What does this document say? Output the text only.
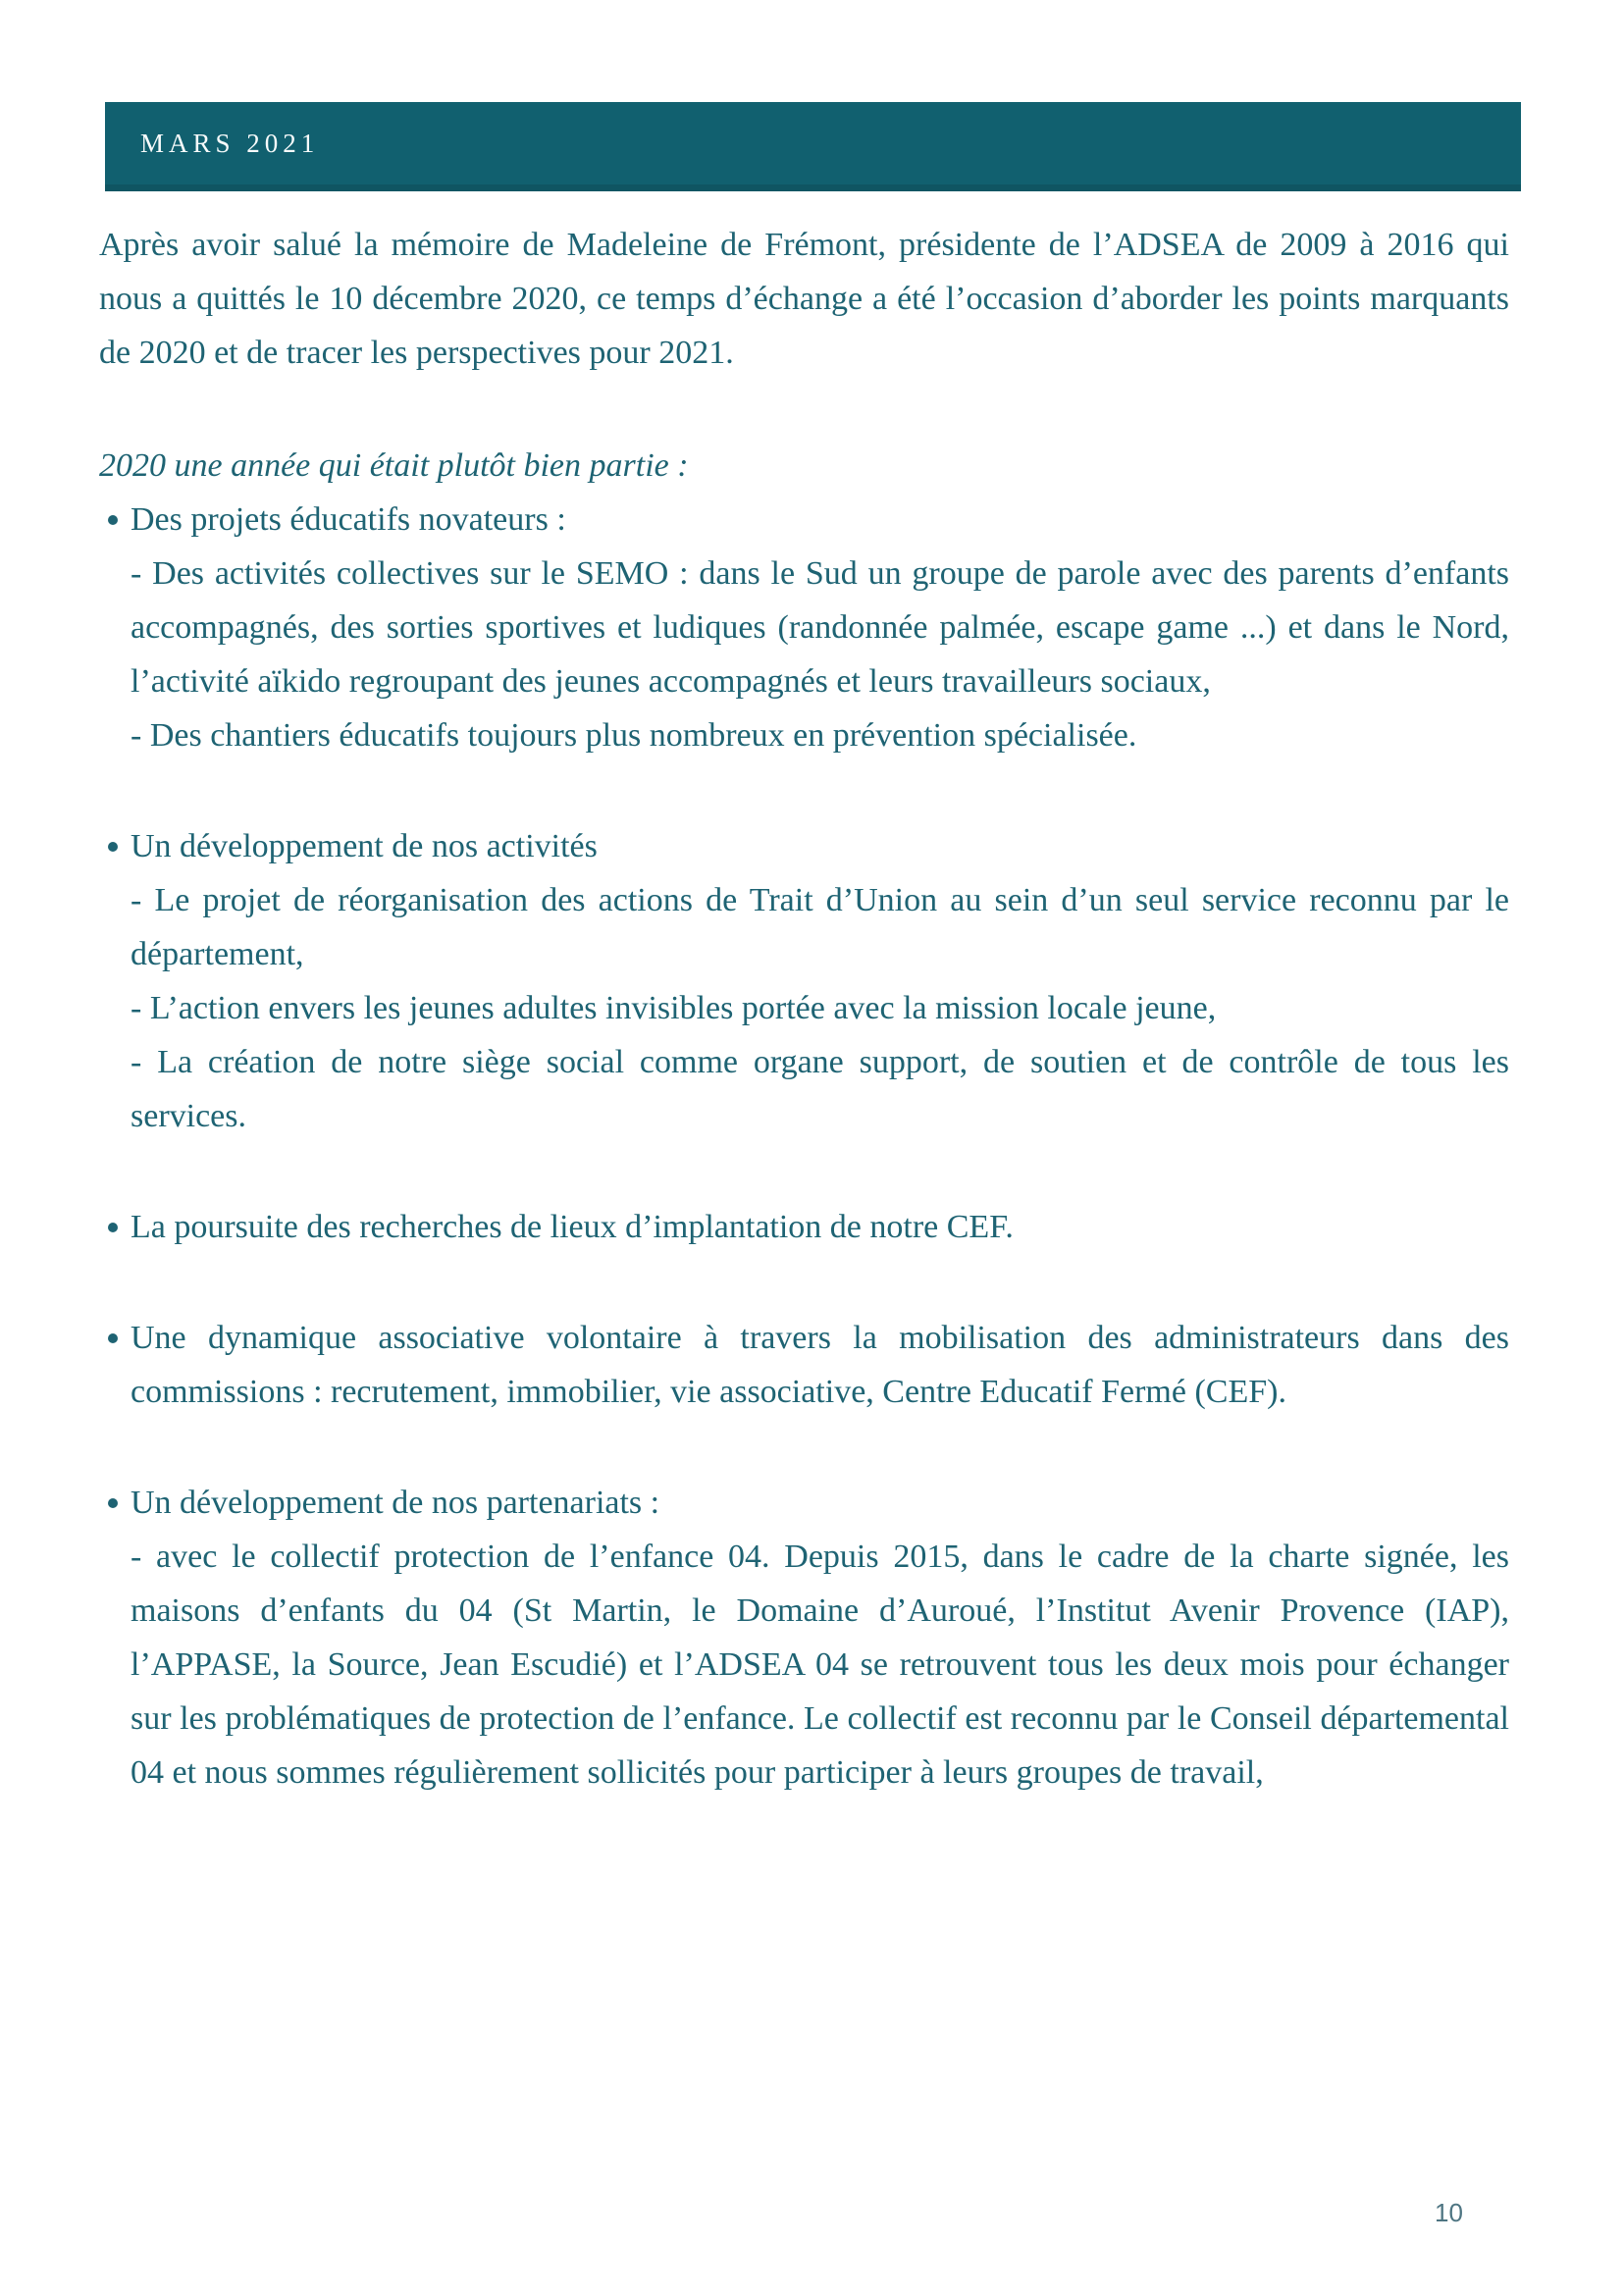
MARS 2021

Après avoir salué la mémoire de Madeleine de Frémont, présidente de l’ADSEA de 2009 à 2016 qui nous a quittés le 10 décembre 2020, ce temps d’échange a été l’occasion d’aborder les points marquants de 2020 et de tracer les perspectives pour 2021.

2020 une année qui était plutôt bien partie :

Des projets éducatifs novateurs :

- Des activités collectives sur le SEMO : dans le Sud un groupe de parole avec des parents d’enfants accompagnés, des sorties sportives et ludiques (randonnée palmée, escape game ...) et dans le Nord, l’activité aïkido regroupant des jeunes accompagnés et leurs travailleurs sociaux,

- Des chantiers éducatifs toujours plus nombreux en prévention spécialisée.

Un développement de nos activités

- Le projet de réorganisation des actions de Trait d’Union au sein d’un seul service reconnu par le département,

- L’action envers les jeunes adultes invisibles portée avec la mission locale jeune,

- La création de notre siège social comme organe support, de soutien et de contrôle de tous les services.

La poursuite des recherches de lieux d’implantation de notre CEF.

Une dynamique associative volontaire à travers la mobilisation des administrateurs dans des commissions : recrutement, immobilier, vie associative, Centre Educatif Fermé (CEF).

Un développement de nos partenariats :

- avec le collectif protection de l’enfance 04. Depuis 2015, dans le cadre de la charte signée, les maisons d’enfants du 04 (St Martin, le Domaine d’Auroué, l’Institut Avenir Provence (IAP), l’APPASE, la Source, Jean Escudié) et l’ADSEA 04 se retrouvent tous les deux mois pour échanger sur les problématiques de protection de l’enfance. Le collectif est reconnu par le Conseil départemental 04 et nous sommes régulièrement sollicités pour participer à leurs groupes de travail,

10
